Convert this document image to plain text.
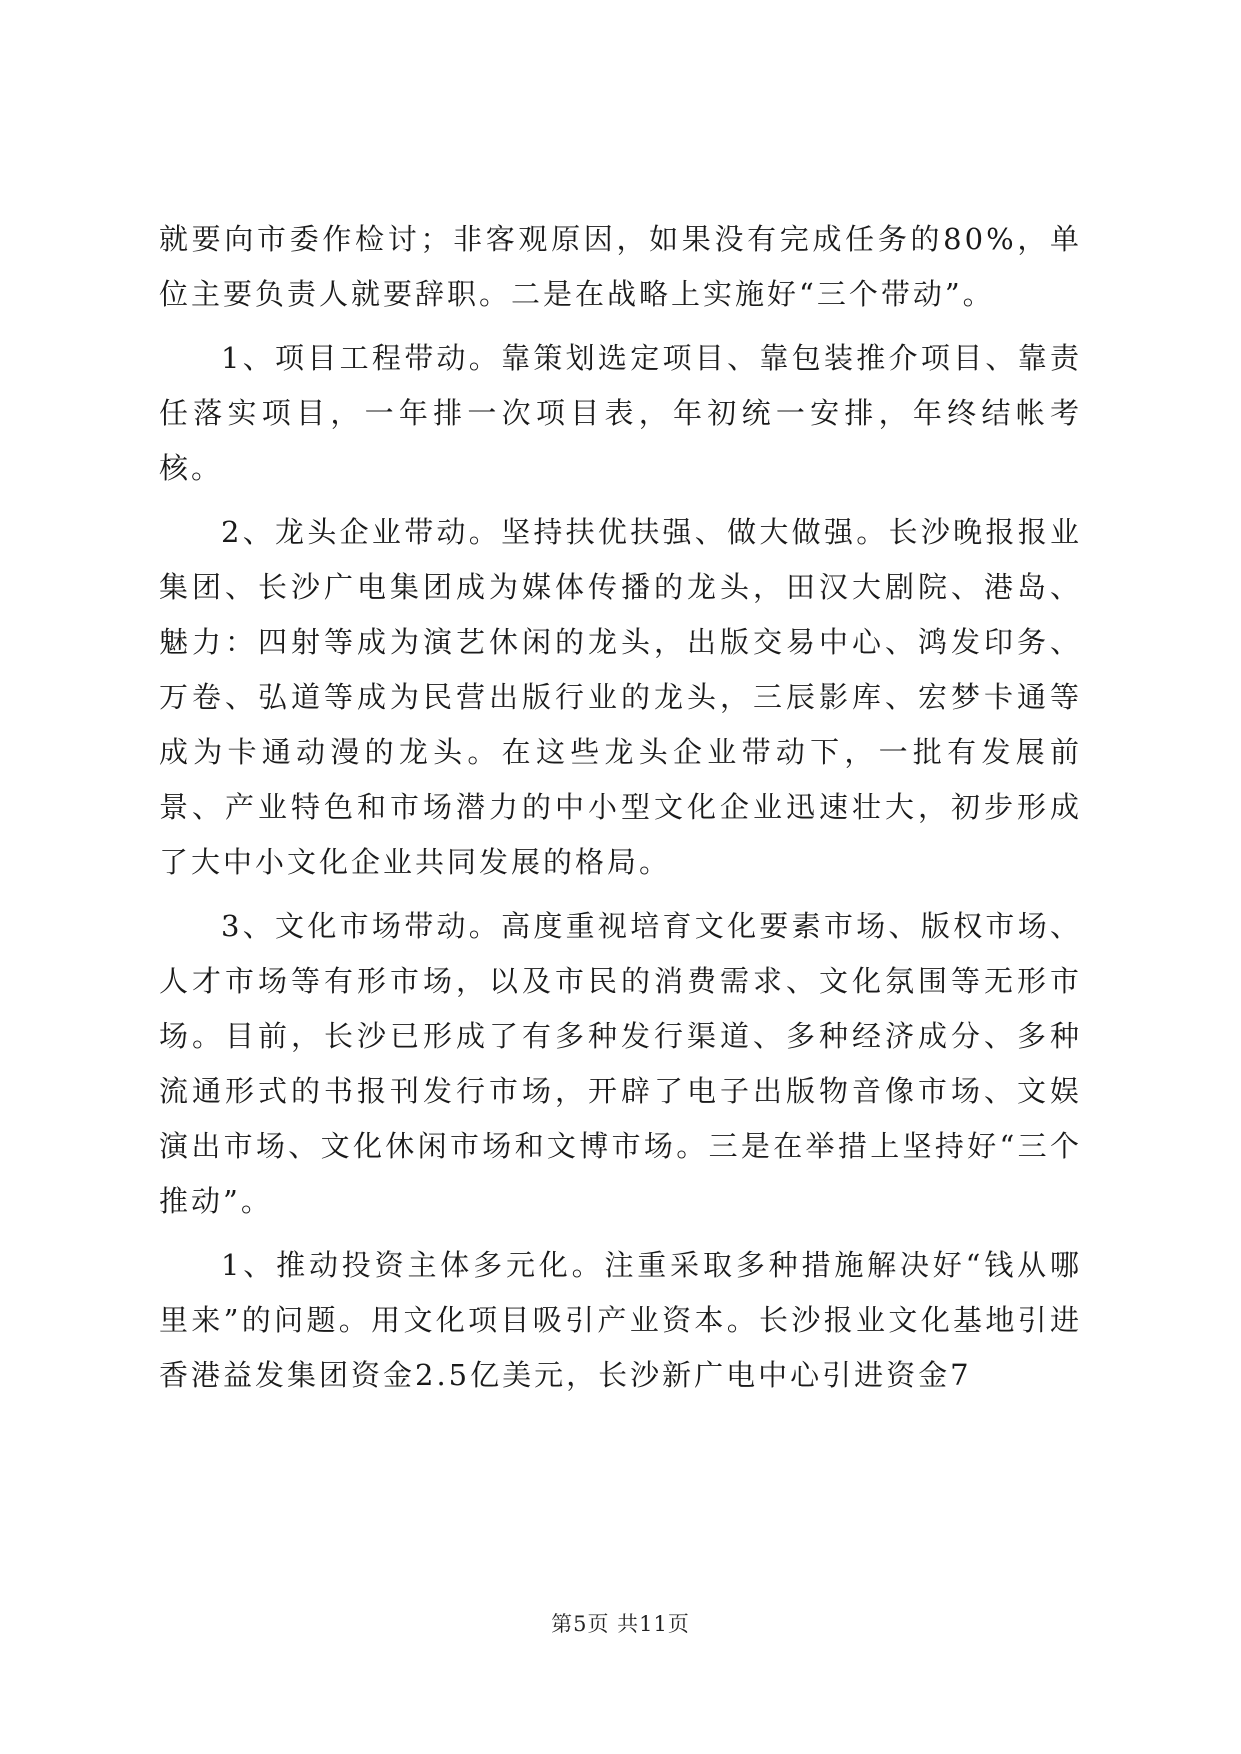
就要向市委作检讨；非客观原因，如果没有完成任务的80%，单位主要负责人就要辞职。二是在战略上实施好“三个带动”。

1、项目工程带动。靠策划选定项目、靠包装推介项目、靠责任落实项目，一年排一次项目表，年初统一安排，年终结帐考核。

2、龙头企业带动。坚持扶优扶强、做大做强。长沙晚报报业集团、长沙广电集团成为媒体传播的龙头，田汉大剧院、港岛、魅力：四射等成为演艺休闲的龙头，出版交易中心、鸿发印务、万卷、弘道等成为民营出版行业的龙头，三辰影库、宏梦卡通等成为卡通动漫的龙头。在这些龙头企业带动下，一批有发展前景、产业特色和市场潜力的中小型文化企业迅速壮大，初步形成了大中小文化企业共同发展的格局。

3、文化市场带动。高度重视培育文化要素市场、版权市场、人才市场等有形市场，以及市民的消费需求、文化氛围等无形市场。目前，长沙已形成了有多种发行渠道、多种经济成分、多种流通形式的书报刊发行市场，开辟了电子出版物音像市场、文娱演出市场、文化休闲市场和文博市场。三是在举措上坚持好“三个推动”。

1、推动投资主体多元化。注重采取多种措施解决好“钱从哪里来”的问题。用文化项目吸引产业资本。长沙报业文化基地引进香港益发集团资金2.5亿美元，长沙新广电中心引进资金7

第5页 共11页
